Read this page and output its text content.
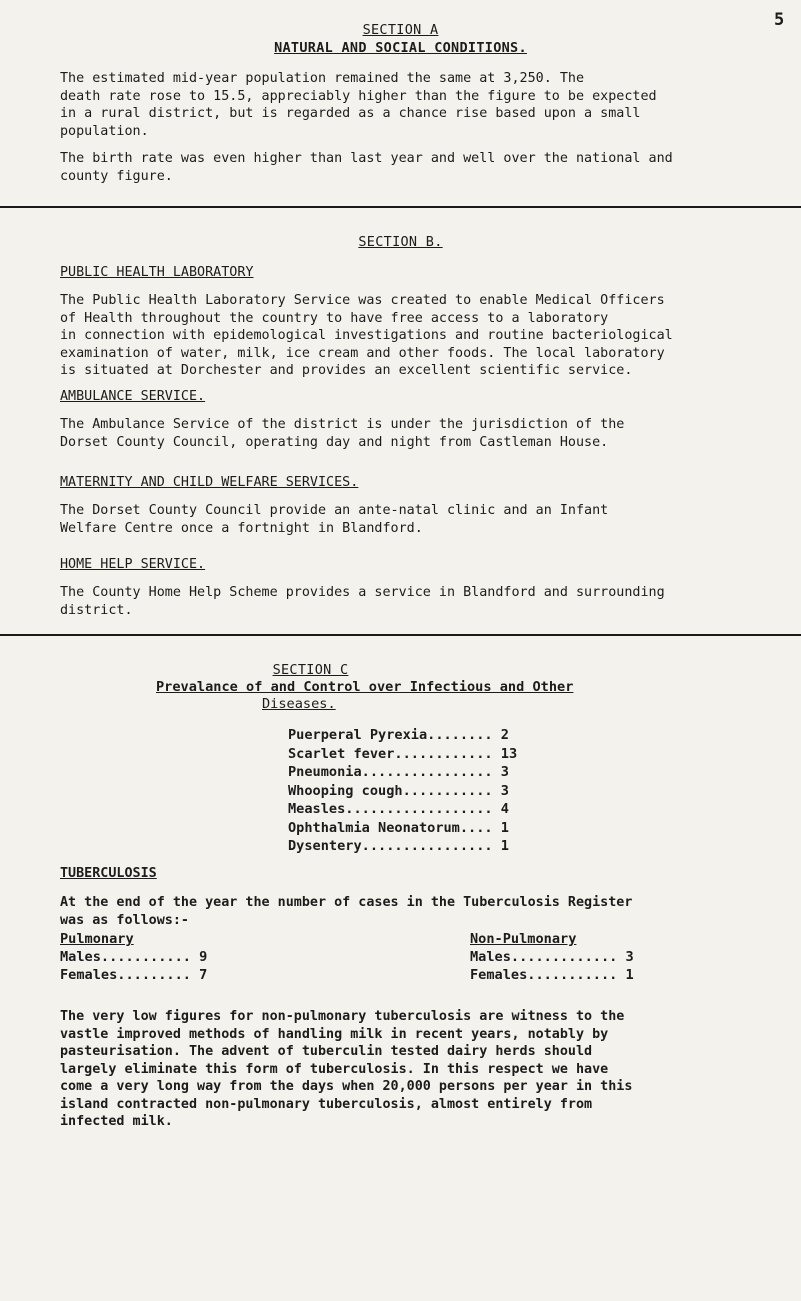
5
SECTION A
NATURAL AND SOCIAL CONDITIONS.
The estimated mid-year population remained the same at 3,250. The
death rate rose to 15.5, appreciably higher than the figure to be expected
in a rural district, but is regarded as a chance rise based upon a small
population.
The birth rate was even higher than last year and well over the national and
county figure.
SECTION B.
PUBLIC HEALTH LABORATORY
The Public Health Laboratory Service was created to enable Medical Officers
of Health throughout the country to have free access to a laboratory
in connection with epidemological investigations and routine bacteriological
examination of water, milk, ice cream and other foods. The local laboratory
is situated at Dorchester and provides an excellent scientific service.
AMBULANCE SERVICE.
The Ambulance Service of the district is under the jurisdiction of the
Dorset County Council, operating day and night from Castleman House.
MATERNITY AND CHILD WELFARE SERVICES.
The Dorset County Council provide an ante-natal clinic and an Infant
Welfare Centre once a fortnight in Blandford.
HOME HELP SERVICE.
The County Home Help Scheme provides a service in Blandford and surrounding
district.
SECTION C
Prevalance of and Control over Infectious and Other
Diseases.
Puerperal Pyrexia........ 2
Scarlet fever............ 13
Pneumonia................ 3
Whooping cough........... 3
Measles.................. 4
Ophthalmia Neonatorum.... 1
Dysentery................ 1
TUBERCULOSIS
At the end of the year the number of cases in the Tuberculosis Register
was as follows:-
Pulmonary
Males........... 9
Females......... 7
Non-Pulmonary
Males............. 3
Females........... 1
The very low figures for non-pulmonary tuberculosis are witness to the
vastle improved methods of handling milk in recent years, notably by
pasteurisation. The advent of tuberculin tested dairy herds should
largely eliminate this form of tuberculosis. In this respect we have
come a very long way from the days when 20,000 persons per year in this
island contracted non-pulmonary tuberculosis, almost entirely from
infected milk.
